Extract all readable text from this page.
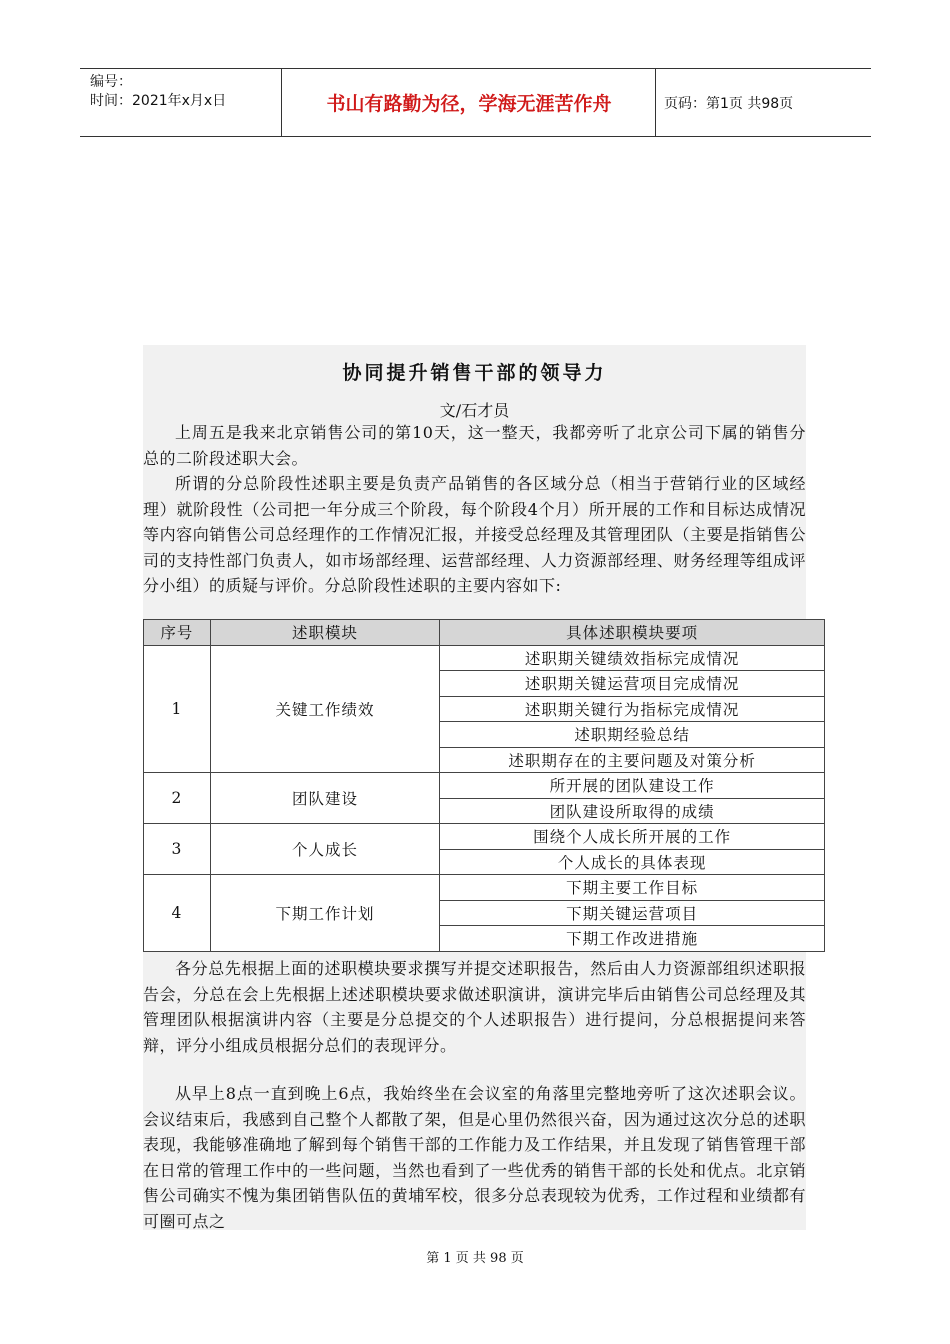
编号：
时间：2021年x月x日	书山有路勤为径，学海无涯苦作舟	页码：第1页 共98页
协同提升销售干部的领导力
文/石才员

上周五是我来北京销售公司的第10天，这一整天，我都旁听了北京公司下属的销售分总的二阶段述职大会。

所谓的分总阶段性述职主要是负责产品销售的各区域分总（相当于营销行业的区域经理）就阶段性（公司把一年分成三个阶段，每个阶段4个月）所开展的工作和目标达成情况等内容向销售公司总经理作的工作情况汇报，并接受总经理及其管理团队（主要是指销售公司的支持性部门负责人，如市场部经理、运营部经理、人力资源部经理、财务经理等组成评分小组）的质疑与评价。分总阶段性述职的主要内容如下:

序号	述职模块	具体述职模块要项
1	关键工作绩效	述职期关键绩效指标完成情况
		述职期关键运营项目完成情况
		述职期关键行为指标完成情况
		述职期经验总结
		述职期存在的主要问题及对策分析
2	团队建设	所开展的团队建设工作
		团队建设所取得的成绩
3	个人成长	围绕个人成长所开展的工作
		个人成长的具体表现
4	下期工作计划	下期主要工作目标
		下期关键运营项目
		下期工作改进措施

各分总先根据上面的述职模块要求撰写并提交述职报告，然后由人力资源部组织述职报告会，分总在会上先根据上述述职模块要求做述职演讲，演讲完毕后由销售公司总经理及其管理团队根据演讲内容（主要是分总提交的个人述职报告）进行提问，分总根据提问来答辩，评分小组成员根据分总们的表现评分。

从早上8点一直到晚上6点，我始终坐在会议室的角落里完整地旁听了这次述职会议。会议结束后，我感到自己整个人都散了架，但是心里仍然很兴奋，因为通过这次分总的述职表现，我能够准确地了解到每个销售干部的工作能力及工作结果，并且发现了销售管理干部在日常的管理工作中的一些问题，当然也看到了一些优秀的销售干部的长处和优点。北京销售公司确实不愧为集团销售队伍的黄埔军校，很多分总表现较为优秀，工作过程和业绩都有可圈可点之

第 1 页 共 98 页
